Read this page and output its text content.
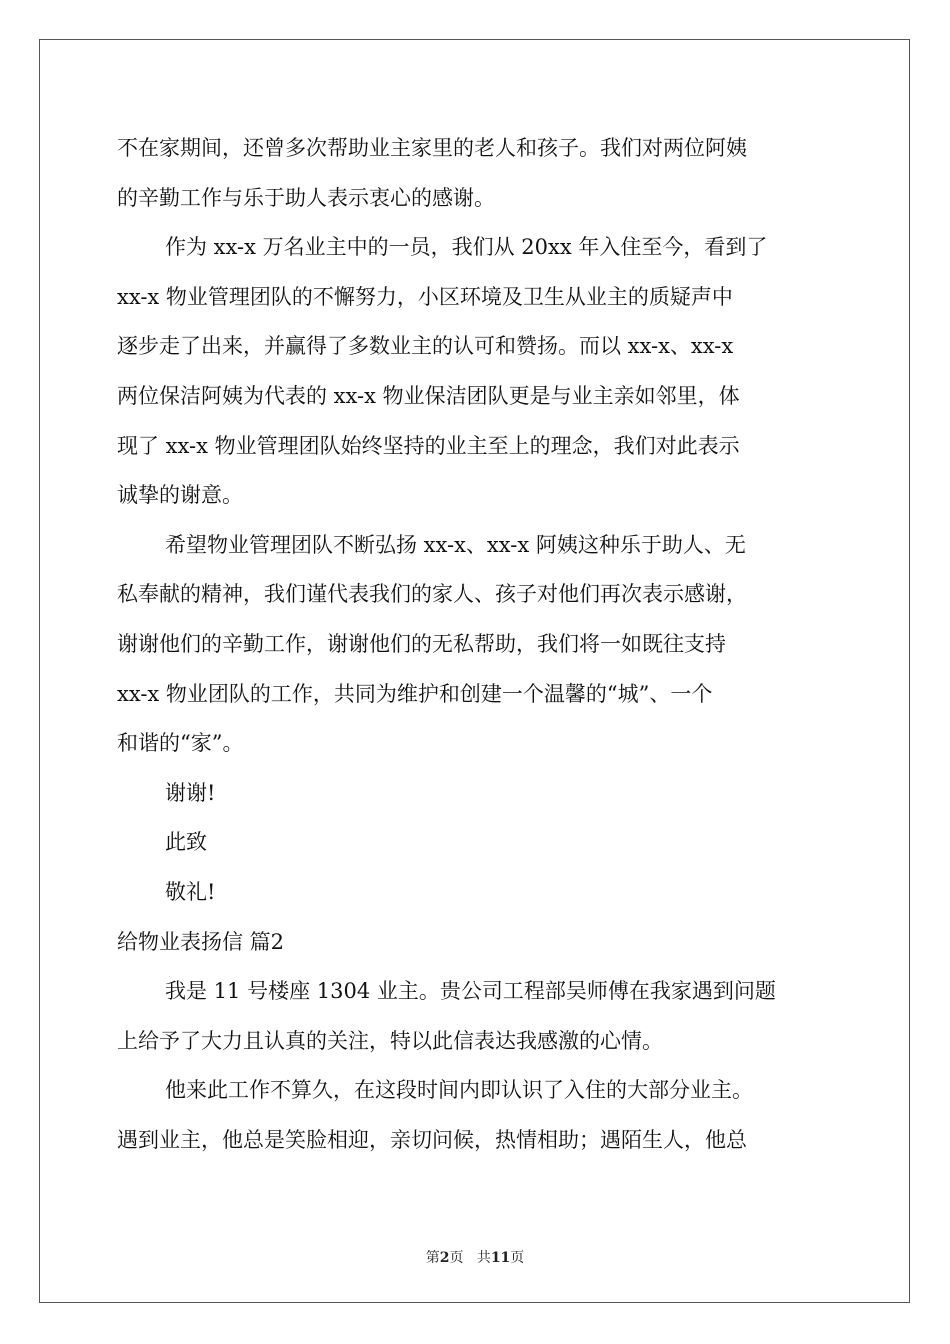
不在家期间，还曾多次帮助业主家里的老人和孩子。我们对两位阿姨

的辛勤工作与乐于助人表示衷心的感谢。

作为 xx-x 万名业主中的一员，我们从 20xx 年入住至今，看到了

xx-x 物业管理团队的不懈努力，小区环境及卫生从业主的质疑声中

逐步走了出来，并赢得了多数业主的认可和赞扬。而以 xx-x、xx-x

两位保洁阿姨为代表的 xx-x 物业保洁团队更是与业主亲如邻里，体

现了 xx-x 物业管理团队始终坚持的业主至上的理念，我们对此表示

诚挚的谢意。

希望物业管理团队不断弘扬 xx-x、xx-x 阿姨这种乐于助人、无

私奉献的精神，我们谨代表我们的家人、孩子对他们再次表示感谢，

谢谢他们的辛勤工作，谢谢他们的无私帮助，我们将一如既往支持

xx-x 物业团队的工作，共同为维护和创建一个温馨的“城”、一个

和谐的“家”。

谢谢!

此致

敬礼!

给物业表扬信 篇2

我是 11 号楼座 1304 业主。贵公司工程部吴师傅在我家遇到问题

上给予了大力且认真的关注，特以此信表达我感激的心情。

他来此工作不算久，在这段时间内即认识了入住的大部分业主。

遇到业主，他总是笑脸相迎，亲切问候，热情相助；遇陌生人，他总

第2页 共11页
